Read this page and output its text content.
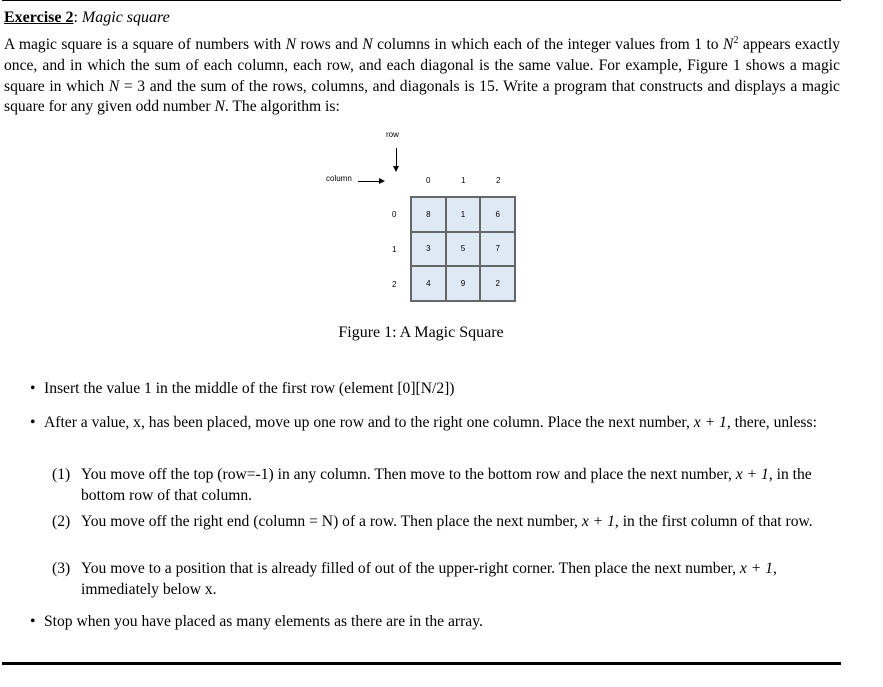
Exercise 2: Magic square
A magic square is a square of numbers with N rows and N columns in which each of the integer values from 1 to $N^2$ appears exactly once, and in which the sum of each column, each row, and each diagonal is the same value. For example, Figure 1 shows a magic square in which N = 3 and the sum of the rows, columns, and diagonals is 15. Write a program that constructs and displays a magic square for any given odd number N. The algorithm is:
row
column	0	1	2
0
1
2
8	1	6
3	5	7
4	9	2
Figure 1: A Magic Square
• Insert the value 1 in the middle of the first row (element [0][N/2])
• After a value, x, has been placed, move up one row and to the right one column. Place the next number, x + 1, there, unless:
(1) You move off the top (row=-1) in any column. Then move to the bottom row and place the next number, x + 1, in the bottom row of that column.
(2) You move off the right end (column = N) of a row. Then place the next number, x + 1, in the first column of that row.
(3) You move to a position that is already filled of out of the upper-right corner. Then place the next number, x + 1, immediately below x.
• Stop when you have placed as many elements as there are in the array.
